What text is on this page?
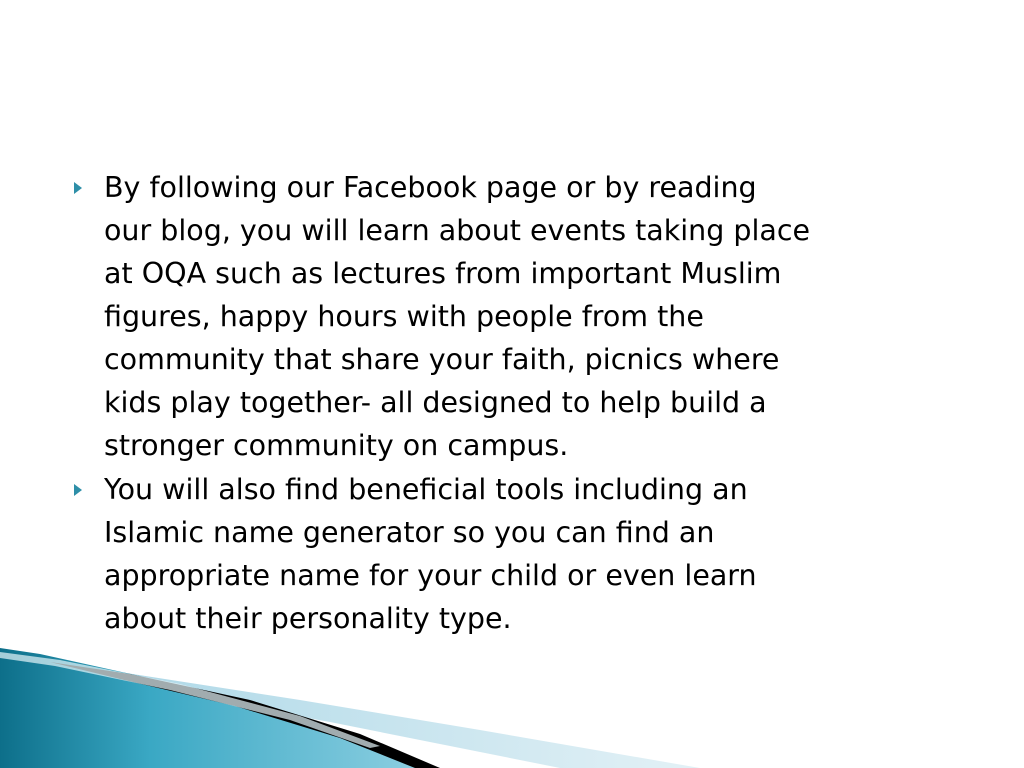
By following our Facebook page or by reading
our blog, you will learn about events taking place
at OQA such as lectures from important Muslim
figures, happy hours with people from the
community that share your faith, picnics where
kids play together- all designed to help build a
stronger community on campus.
You will also find beneficial tools including an
Islamic name generator so you can find an
appropriate name for your child or even learn
about their personality type.
